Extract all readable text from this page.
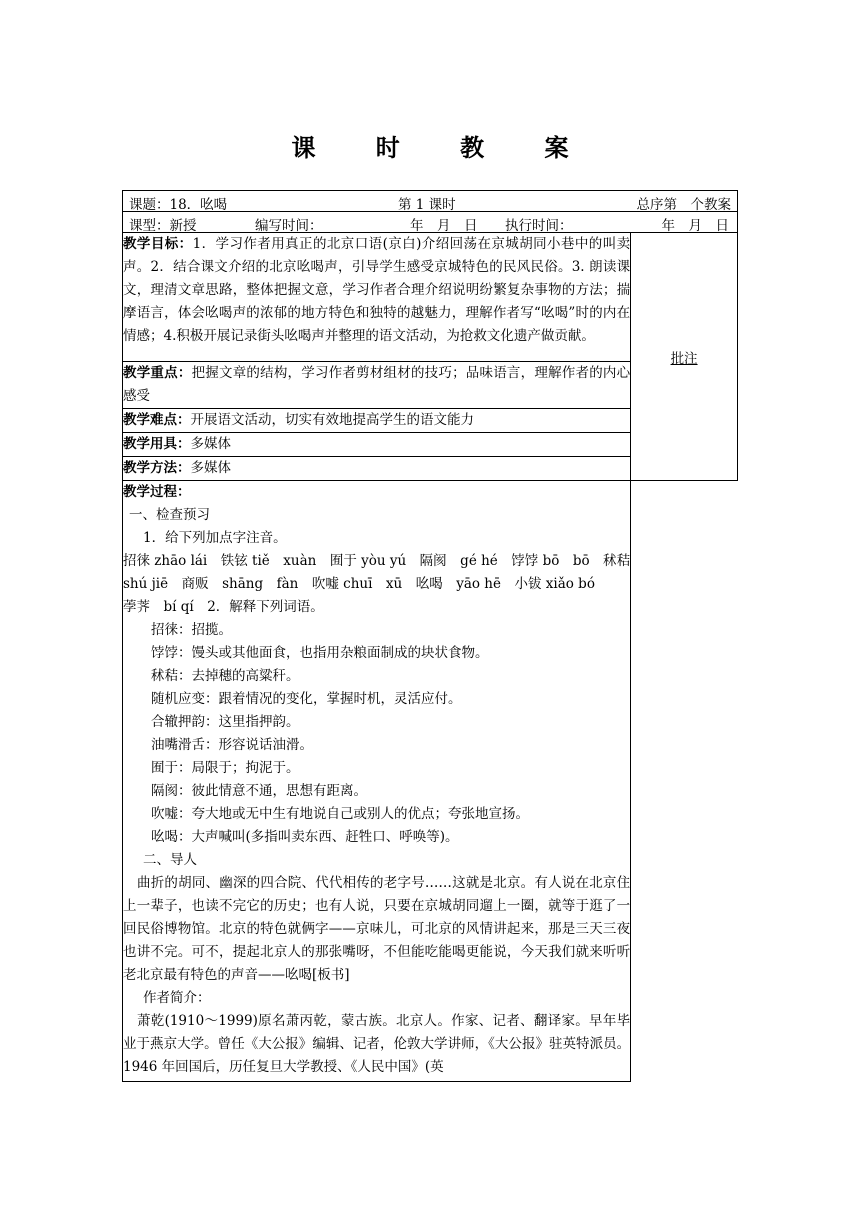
课 时 教 案
课题：18．吆喝	第 1 课时	总序第　个教案

课型：新授	编写时间：	年　月　日 执行时间：	年　月　日

教学目标：1．学习作者用真正的北京口语(京白)介绍回荡在京城胡同小巷中的叫卖声。2．结合课文介绍的北京吆喝声，引导学生感受京城特色的民风民俗。3. 朗读课文，理清文章思路，整体把握文意，学习作者合理介绍说明纷繁复杂事物的方法；揣摩语言，体会吆喝声的浓郁的地方特色和独特的越魅力，理解作者写“吆喝”时的内在情感；4.积极开展记录街头吆喝声并整理的语文活动，为抢救文化遗产做贡献。	批注
教学重点：把握文章的结构，学习作者剪材组材的技巧；品味语言，理解作者的内心感受
教学难点：开展语文活动，切实有效地提高学生的语文能力
教学用具：多媒体
教学方法：多媒体

教学过程：
一、检查预习
1．给下列加点字注音。
招徕 zhāo lái　铁铉 tiě　xuàn　囿于 yòu yú　隔阂　gé hé　饽饽 bō　bō　秫秸
shú jiē　商贩　shāng　fàn　吹嘘 chuī　xū　吆喝　yāo hē　小钹 xiǎo bó
荸荠　bí qí　2．解释下列词语。
招徕：招揽。
饽饽：馒头或其他面食，也指用杂粮面制成的块状食物。
秫秸：去掉穗的高粱秆。
随机应变：跟着情况的变化，掌握时机，灵活应付。
合辙押韵：这里指押韵。
油嘴滑舌：形容说话油滑。
囿于：局限于；拘泥于。
隔阂：彼此情意不通，思想有距离。
吹嘘：夸大地或无中生有地说自己或别人的优点；夸张地宣扬。
吆喝：大声喊叫(多指叫卖东西、赶牲口、呼唤等)。
二、导人
曲折的胡同、幽深的四合院、代代相传的老字号……这就是北京。有人说在北京住上一辈子，也读不完它的历史；也有人说，只要在京城胡同遛上一圈，就等于逛了一回民俗博物馆。北京的特色就俩字——京味儿，可北京的风情讲起来，那是三天三夜也讲不完。可不，提起北京人的那张嘴呀，不但能吃能喝更能说，今天我们就来听听老北京最有特色的声音——吆喝[板书]
作者简介：
萧乾(1910～1999)原名萧丙乾，蒙古族。北京人。作家、记者、翻译家。早年毕业于燕京大学。曾任《大公报》编辑、记者，伦敦大学讲师，《大公报》驻英特派员。1946 年回国后，历任复旦大学教授、《人民中国》(英
